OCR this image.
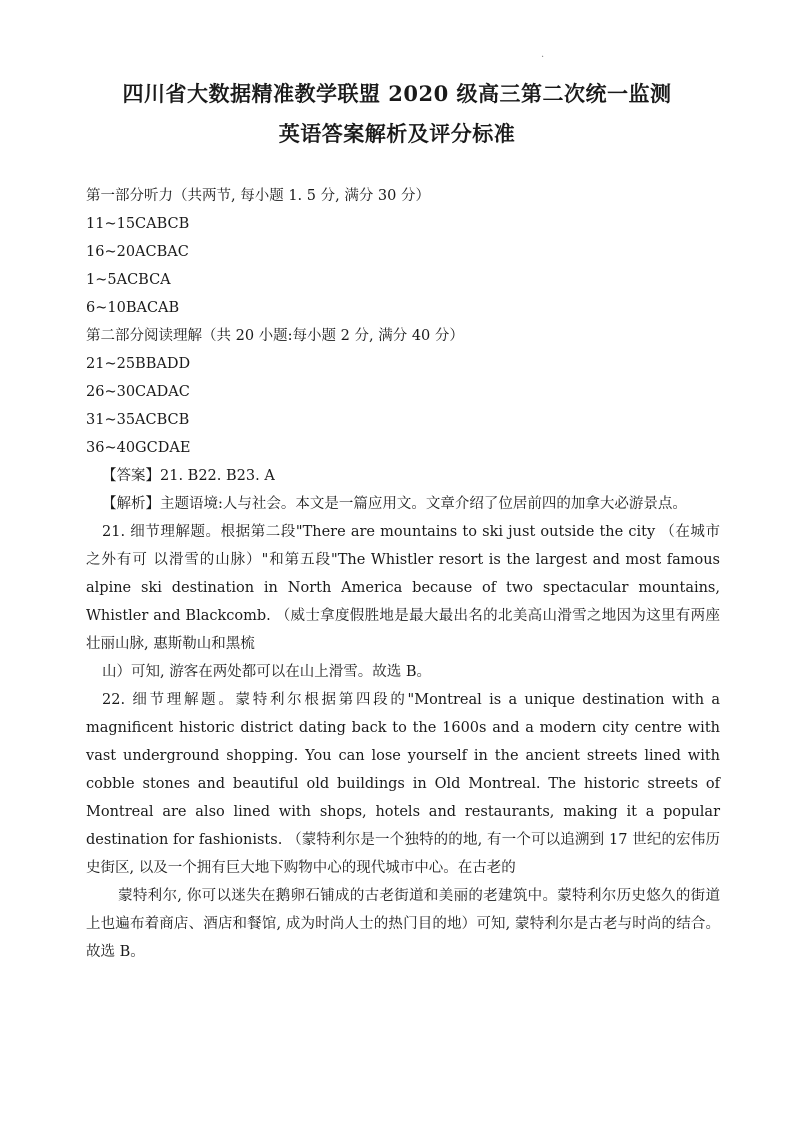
·
四川省大数据精准教学联盟 2020 级高三第二次统一监测
英语答案解析及评分标准

第一部分听力（共两节, 每小题 1. 5 分, 满分 30 分）

11~15CABCB

16~20ACBAC

1~5ACBCA

6~10BACAB

第二部分阅读理解（共 20 小题:每小题 2 分, 满分 40 分）

21~25BBADD

26~30CADAC

31~35ACBCB

36~40GCDAE

【答案】21. B22. B23. A

【解析】主题语境:人与社会。本文是一篇应用文。文章介绍了位居前四的加拿大必游景点。

21. 细节理解题。根据第二段"There are mountains to ski just outside the city （在城市之外有可 以滑雪的山脉）"和第五段"The Whistler resort is the largest and most famous alpine ski destination in North America because of two spectacular mountains, Whistler and Blackcomb. （威士拿度假胜地是最大最出名的北美高山滑雪之地因为这里有两座壮丽山脉, 惠斯勒山和黑梳

山）可知, 游客在两处都可以在山上滑雪。故选 B。

22. 细节理解题。蒙特利尔根据第四段的"Montreal is a unique destination with a magnificent historic district dating back to the 1600s and a modern city centre with vast underground shopping. You can lose yourself in the ancient streets lined with cobble stones and beautiful old buildings in Old Montreal. The historic streets of Montreal are also lined with shops, hotels and restaurants, making it a popular destination for fashionists. （蒙特利尔是一个独特的的地, 有一个可以追溯到 17 世纪的宏伟历史街区, 以及一个拥有巨大地下购物中心的现代城市中心。在古老的

蒙特利尔, 你可以迷失在鹅卵石铺成的古老街道和美丽的老建筑中。蒙特利尔历史悠久的街道上也遍布着商店、酒店和餐馆, 成为时尚人士的热门目的地）可知, 蒙特利尔是古老与时尚的结合。故选 B。
